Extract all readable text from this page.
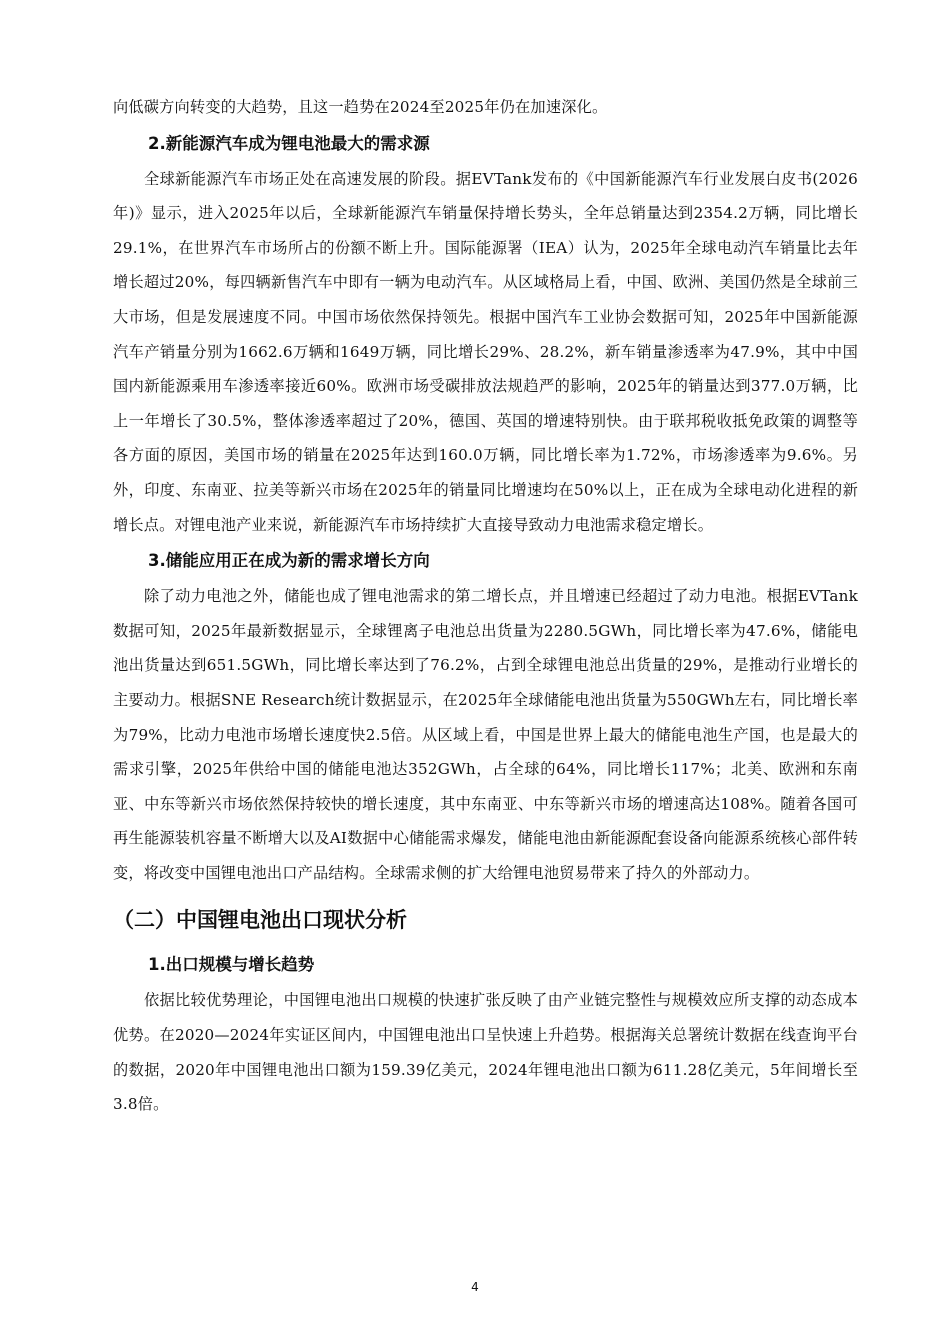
向低碳方向转变的大趋势，且这一趋势在2024至2025年仍在加速深化。

2.新能源汽车成为锂电池最大的需求源

全球新能源汽车市场正处在高速发展的阶段。据EVTank发布的《中国新能源汽车行业发展白皮书(2026年)》显示，进入2025年以后，全球新能源汽车销量保持增长势头，全年总销量达到2354.2万辆，同比增长29.1%，在世界汽车市场所占的份额不断上升。国际能源署（IEA）认为，2025年全球电动汽车销量比去年增长超过20%，每四辆新售汽车中即有一辆为电动汽车。从区域格局上看，中国、欧洲、美国仍然是全球前三大市场，但是发展速度不同。中国市场依然保持领先。根据中国汽车工业协会数据可知，2025年中国新能源汽车产销量分别为1662.6万辆和1649万辆，同比增长29%、28.2%，新车销量渗透率为47.9%，其中中国国内新能源乘用车渗透率接近60%。欧洲市场受碳排放法规趋严的影响，2025年的销量达到377.0万辆，比上一年增长了30.5%，整体渗透率超过了20%，德国、英国的增速特别快。由于联邦税收抵免政策的调整等各方面的原因，美国市场的销量在2025年达到160.0万辆，同比增长率为1.72%，市场渗透率为9.6%。另外，印度、东南亚、拉美等新兴市场在2025年的销量同比增速均在50%以上，正在成为全球电动化进程的新增长点。对锂电池产业来说，新能源汽车市场持续扩大直接导致动力电池需求稳定增长。

3.储能应用正在成为新的需求增长方向

除了动力电池之外，储能也成了锂电池需求的第二增长点，并且增速已经超过了动力电池。根据EVTank数据可知，2025年最新数据显示，全球锂离子电池总出货量为2280.5GWh，同比增长率为47.6%，储能电池出货量达到651.5GWh，同比增长率达到了76.2%，占到全球锂电池总出货量的29%，是推动行业增长的主要动力。根据SNE Research统计数据显示，在2025年全球储能电池出货量为550GWh左右，同比增长率为79%，比动力电池市场增长速度快2.5倍。从区域上看，中国是世界上最大的储能电池生产国，也是最大的需求引擎，2025年供给中国的储能电池达352GWh，占全球的64%，同比增长117%；北美、欧洲和东南亚、中东等新兴市场依然保持较快的增长速度，其中东南亚、中东等新兴市场的增速高达108%。随着各国可再生能源装机容量不断增大以及AI数据中心储能需求爆发，储能电池由新能源配套设备向能源系统核心部件转变，将改变中国锂电池出口产品结构。全球需求侧的扩大给锂电池贸易带来了持久的外部动力。

（二）中国锂电池出口现状分析
1.出口规模与增长趋势

依据比较优势理论，中国锂电池出口规模的快速扩张反映了由产业链完整性与规模效应所支撑的动态成本优势。在2020—2024年实证区间内，中国锂电池出口呈快速上升趋势。根据海关总署统计数据在线查询平台的数据，2020年中国锂电池出口额为159.39亿美元，2024年锂电池出口额为611.28亿美元，5年间增长至3.8倍。

4
